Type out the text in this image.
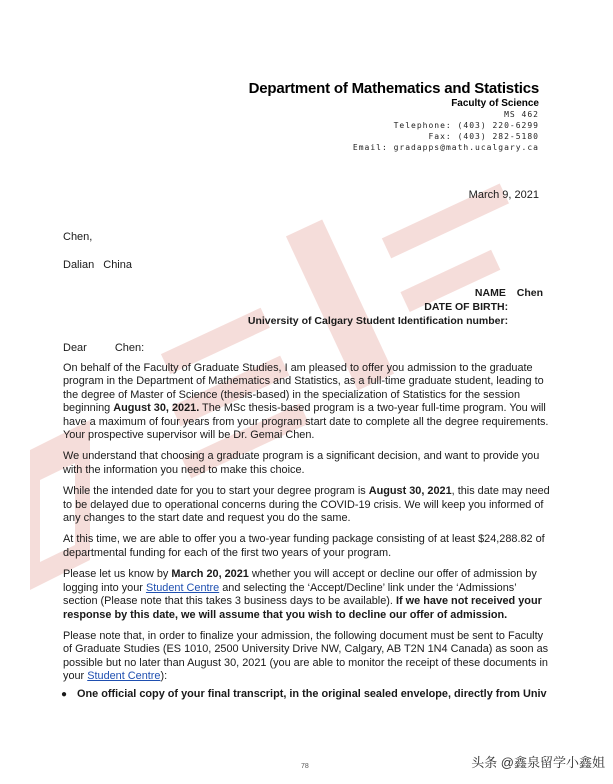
Department of Mathematics and Statistics
Faculty of Science
MS 462
Telephone: (403) 220-6299
Fax: (403) 282-5180
Email: gradapps@math.ucalgary.ca
March 9, 2021
Chen,
Dalian China
NAME Chen
DATE OF BIRTH:
University of Calgary Student Identification number:
Dear	Chen:

On behalf of the Faculty of Graduate Studies, I am pleased to offer you admission to the graduate program in the Department of Mathematics and Statistics, as a full-time graduate student, leading to the degree of Master of Science (thesis-based) in the specialization of Statistics for the session beginning August 30, 2021. The MSc thesis-based program is a two-year full-time program. You will have a maximum of four years from your program start date to complete all the degree requirements. Your prospective supervisor will be Dr. Gemai Chen.

We understand that choosing a graduate program is a significant decision, and want to provide you with the information you need to make this choice.

While the intended date for you to start your degree program is August 30, 2021, this date may need to be delayed due to operational concerns during the COVID-19 crisis. We will keep you informed of any changes to the start date and request you do the same.

At this time, we are able to offer you a two-year funding package consisting of at least $24,288.82 of departmental funding for each of the first two years of your program.

Please let us know by March 20, 2021 whether you will accept or decline our offer of admission by logging into your Student Centre and selecting the ‘Accept/Decline’ link under the ‘Admissions’ section (Please note that this takes 3 business days to be available). If we have not received your response by this date, we will assume that you wish to decline our offer of admission.

Please note that, in order to finalize your admission, the following document must be sent to Faculty of Graduate Studies (ES 1010, 2500 University Drive NW, Calgary, AB T2N 1N4 Canada) as soon as possible but no later than August 30, 2021 (you are able to monitor the receipt of these documents in your Student Centre):

● One official copy of your final transcript, in the original sealed envelope, directly from Univ
78	头条 @鑫泉留学小鑫姐
